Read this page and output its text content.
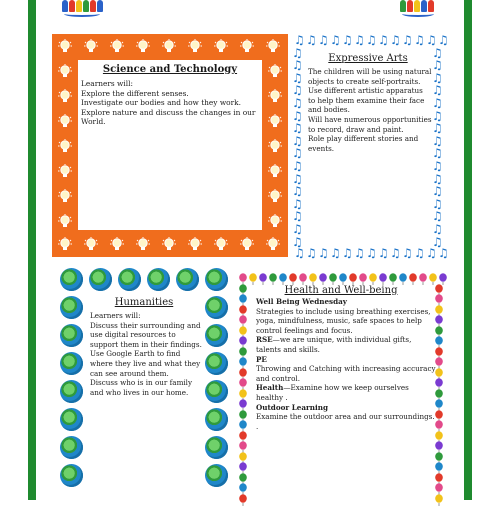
Science and Technology

Learners will:

Explore the different senses.

Investigate our bodies and how they work.

Explore nature and discuss the changes in our World.

Expressive Arts

The children will be using natural objects to create self-portraits.

Use different artistic apparatus to help them examine their face and bodies.

Will have numerous opportunities to record, draw and paint.

Role play different stories and events.

♫
♫
♫
♫
♫
♫
♫
♫
♫
♫
♫
♫
♫
♫
♫
♫
♫
♫
♫
♫
♫
♫
♫
♫
♫
♫
♫	♫
♫	♫
♫	♫
♫	♫
♫	♫
♫	♫
♫	♫
♫	♫
♫	♫
♫	♫
♫	♫
♫	♫
♫	♫
♫	♫
♫	♫
♫	♫
Humanities

Learners will:

Discuss their surrounding and use digital resources to support them in their findings.

Use Google Earth to find where they live and what they can see around them.

Discuss who is in our family and who lives in our home.

Health and Well-being

Well Being Wednesday

Strategies to include using breathing exercises, yoga, mindfulness, music, safe spaces to help control feelings and focus.

RSE—we are unique, with individual gifts, talents and skills.

PE

Throwing and Catching with increasing accuracy and control.

Health—Examine how we keep ourselves healthy .

Outdoor Learning

Examine the outdoor area and our surroundings. .
